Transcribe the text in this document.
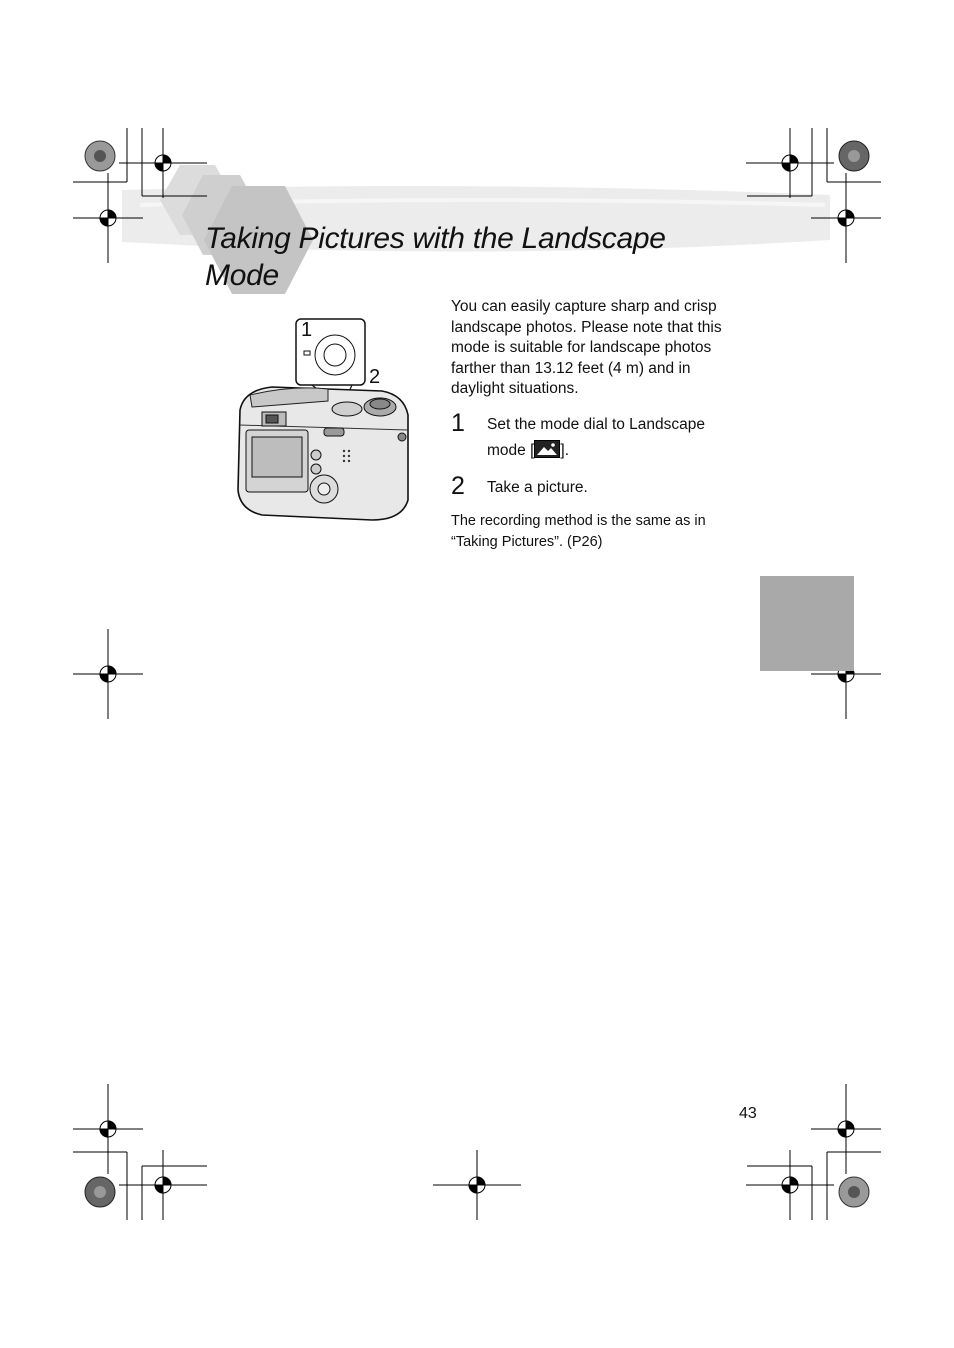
Taking Pictures with the Landscape
Mode
1
2
You can easily capture sharp and crisp
landscape photos. Please note that this
mode is suitable for landscape photos
farther than 13.12 feet (4 m) and in
daylight situations.
1 Set the mode dial to Landscape
mode [ ].
2 Take a picture.
The recording method is the same as in
“Taking Pictures”. (P26)
43
